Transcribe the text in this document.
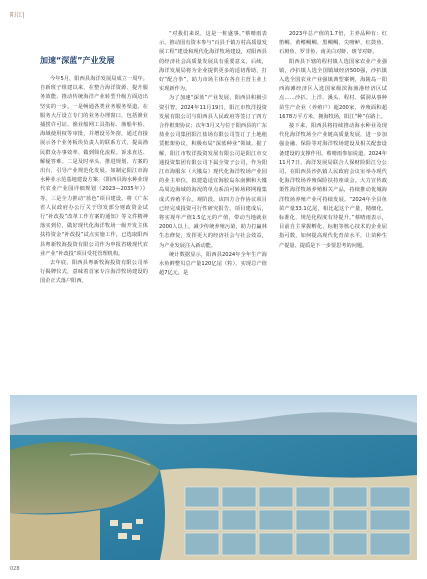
阳江|
加速“深蓝”产业发展

今年5月，阳西县海洋发展局成立一周年。自新班子组建以来，在整合海洋资源、提升服务效能、推动传统海洋产业转型升级方面迈出坚实的一步。一是畅通各类业务服务渠道。在服务大厅设立专门的业务办理窗口，包括渔业捕捞许可证、渔业船网工具指标、渔船年检、海域使用权等审批，并增设另外窗，通过直接展示各个业务板块负责人的联系方式，提高渔民群众办事效率、做到简化流程。诉求直达、解疑答难。二是及时举头、推进规划、方案的出台，引导产业规范化发展。如制定阳江市海水种业示范基地建设方案、《阳西县海水种业现代农业产业园详细规划（2023—2035年）》等。三是全力推动“蓝色”项目建设。将《广东省人民政府办公厅关于印发部分财政资金试行“补改投”改革工作方案的通知》等文件精神落实到位，做好现代化海洋牧场一级开发主体扶持资金“补改投”试点实施工作，已选取阳西县粤新牧海投资有限公司作为申报省级现代农业产业“补改投”项目受托管理机构。

去年底，阳西县粤新牧海投资有限公司举行揭牌仪式，意味着首家专注海洋牧场建设的国企正式落户阳西。

“对我们来说，这是一桩盛事。”蔡晴雨表示，推动国有资本参与“百县千镇万村高质量发展工程”建设和现代化海洋牧场建设，对阳西县的经济社会高质量发展具有重要意义，后续，海洋发展局将为企业提供更多的适切帮助，打好“配合拳”，助力市场主体在各自主营主业上实现新作为。

为了加速“深蓝”产业发展，阳西县积极引资引智。2024年11月19日，阳江市牧洋投资发展有限公司与阳西县人民政府等签订了四方合作框架协议；次年3月又与位于阳西县的广东盐业公司集团阳江盐场有限公司签订了土地租赁框架协议，积极布局“深蓝种业”领域。据了解，阳江市牧洋投资发展有限公司是阳江市交通投资集团有限公司下属全资子公司，作为阳江市海服东（大镬岛）现代化海洋牧场产业园的业主单位，拟建造适宜海胶岛东南侧和大镬岛周边海域的海况的单点系泊可转场移网箱集成式养殖平台。观阶段，该四方合作协议项目已经完成投资可行性研究报告。项目建成后，将实现年产值1.5亿元的产值，带动当地就业2000人以上，减少传统养殖污染，助力打赢林生态修复，发挥更大的经济社会与社会效益，为产业发展注入新动能。

统计数据显示，阳西县2024年全年生产海水鱼鲜整贝总产量120亿尾（粒），实现总产值超7亿元，是

2023年总产值的1.7倍，主养品种有：红笛鲷、黄鳍鲷鲷、黑鲷鲷、尖吻鲈、红鼓鱼、石斑鱼、罗非鱼、南美白对虾、斑节对虾。

阳西县下辖的程村镇人选国家农业产业强镇，沙扒镇人选全国镇域经济500强，沙扒镇入选全国农业产业强镇典型案例，海陵岛一阳西海滩经济区入选国家级滨海渔港经济区试点……沙扒、上洋、溪头、程村、儒洞从事种苗生产企业（养殖户）超200家，养殖面积超1678万平方米，拥海牧场，阳江“种”在路上。

接下来，阳西县将持续推动海水种业及现代化海洋牧场全产业链高质量发展，进一步加强金融、保险等对海洋牧场建设及相关配套设备建设的支撑作用。蔡晴雨参加说道，2024年11月7日，海洋发展局联合人保财险阳江分公司，在阳西县沙扒镇人民政府会议室举办现代化海洋牧场养殖保险扶持座谈会。大力宣传政策性海洋牧场养殖相关产品，持续推动优城海洋牧场养殖产业可持续发展。“2024年全县鱼苗产量33.1亿尾，相比起这个产量，精细化、标准化、规范化程度有待提升。”蔡晴雨表示，目前自主掌握孵化、标粗等核心技术的企业屈指可数，如何提高现代化育苗水平，让苗种生产提量、提质是下一步要思考的问题。

028
